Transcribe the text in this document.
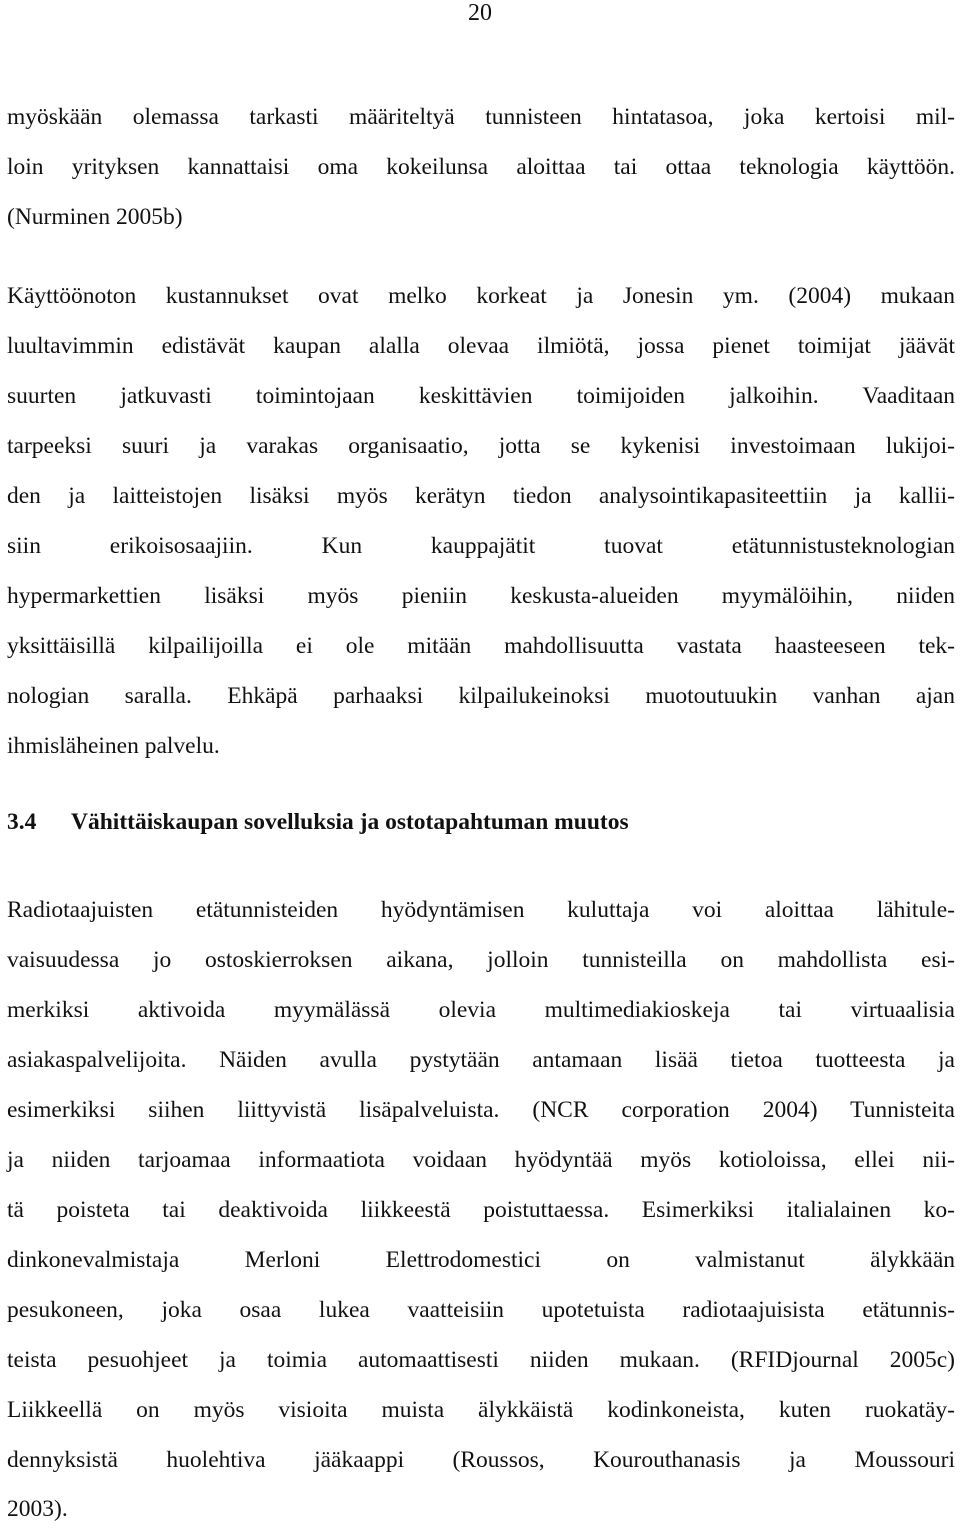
20
myöskään olemassa tarkasti määriteltyä tunnisteen hintatasoa, joka kertoisi mil-
loin yrityksen kannattaisi oma kokeilunsa aloittaa tai ottaa teknologia käyttöön.
(Nurminen 2005b)
Käyttöönoton kustannukset ovat melko korkeat ja Jonesin ym. (2004) mukaan
luultavimmin edistävät kaupan alalla olevaa ilmiötä, jossa pienet toimijat jäävät
suurten jatkuvasti toimintojaan keskittävien toimijoiden jalkoihin. Vaaditaan
tarpeeksi suuri ja varakas organisaatio, jotta se kykenisi investoimaan lukijoi-
den ja laitteistojen lisäksi myös kerätyn tiedon analysointikapasiteettiin ja kallii-
siin erikoisosaajiin. Kun kauppajätit tuovat etätunnistusteknologian
hypermarkettien lisäksi myös pieniin keskusta-alueiden myymälöihin, niiden
yksittäisillä kilpailijoilla ei ole mitään mahdollisuutta vastata haasteeseen tek-
nologian saralla. Ehkäpä parhaaksi kilpailukeinoksi muotoutuukin vanhan ajan
ihmisläheinen palvelu.
3.4 Vähittäiskaupan sovelluksia ja ostotapahtuman muutos
Radiotaajuisten etätunnisteiden hyödyntämisen kuluttaja voi aloittaa lähitule-
vaisuudessa jo ostoskierroksen aikana, jolloin tunnisteilla on mahdollista esi-
merkiksi aktivoida myymälässä olevia multimediakioskeja tai virtuaalisia
asiakaspalvelijoita. Näiden avulla pystytään antamaan lisää tietoa tuotteesta ja
esimerkiksi siihen liittyvistä lisäpalveluista. (NCR corporation 2004) Tunnisteita
ja niiden tarjoamaa informaatiota voidaan hyödyntää myös kotioloissa, ellei nii-
tä poisteta tai deaktivoida liikkeestä poistuttaessa. Esimerkiksi italialainen ko-
dinkonevalmistaja Merloni Elettrodomestici on valmistanut älykkään
pesukoneen, joka osaa lukea vaatteisiin upotetuista radiotaajuisista etätunnis-
teista pesuohjeet ja toimia automaattisesti niiden mukaan. (RFIDjournal 2005c)
Liikkeellä on myös visioita muista älykkäistä kodinkoneista, kuten ruokatäy-
dennyksistä huolehtiva jääkaappi (Roussos, Kourouthanasis ja Moussouri
2003).
